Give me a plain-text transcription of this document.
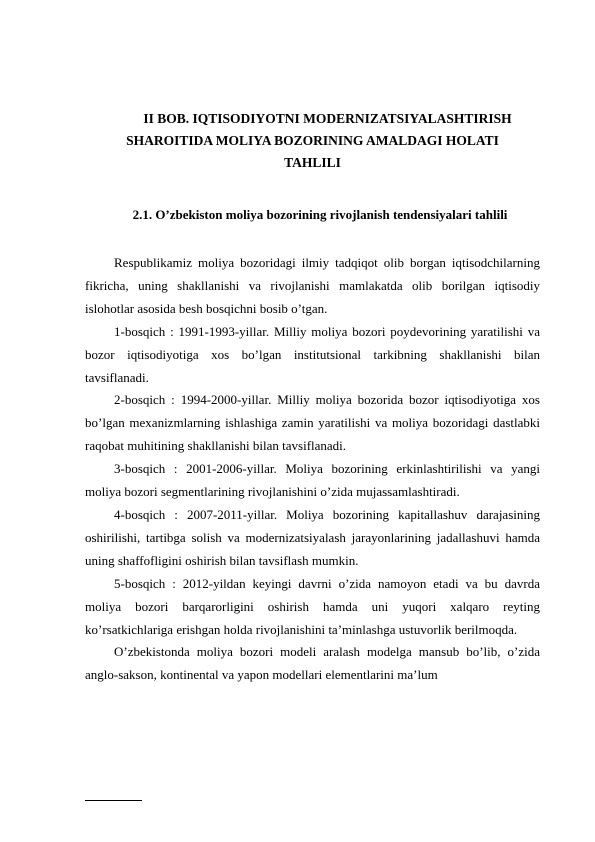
II BOB. IQTISODIYOTNI MODERNIZATSIYALASHTIRISH
SHAROITIDA MOLIYA BOZORINING AMALDAGI HOLATI
TAHLILI
2.1. O’zbekiston moliya bozorining rivojlanish tendensiyalari tahlili

Respublikamiz moliya bozoridagi ilmiy tadqiqot olib borgan iqtisodchilarning fikricha, uning shakllanishi va rivojlanishi mamlakatda olib borilgan iqtisodiy islohotlar asosida besh bosqichni bosib o’tgan.

1-bosqich : 1991-1993-yillar. Milliy moliya bozori poydevorining yaratilishi va bozor iqtisodiyotiga xos bo’lgan institutsional tarkibning shakllanishi bilan tavsiflanadi.

2-bosqich : 1994-2000-yillar. Milliy moliya bozorida bozor iqtisodiyotiga xos bo’lgan mexanizmlarning ishlashiga zamin yaratilishi va moliya bozoridagi dastlabki raqobat muhitining shakllanishi bilan tavsiflanadi.

3-bosqich : 2001-2006-yillar. Moliya bozorining erkinlashtirilishi va yangi moliya bozori segmentlarining rivojlanishini o’zida mujassamlashtiradi.

4-bosqich : 2007-2011-yillar. Moliya bozorining kapitallashuv darajasining oshirilishi, tartibga solish va modernizatsiyalash jarayonlarining jadallashuvi hamda uning shaffofligini oshirish bilan tavsiflash mumkin.

5-bosqich : 2012-yildan keyingi davrni o’zida namoyon etadi va bu davrda moliya bozori barqarorligini oshirish hamda uni yuqori xalqaro reyting ko’rsatkichlariga erishgan holda rivojlanishini ta’minlashga ustuvorlik berilmoqda.

O’zbekistonda moliya bozori modeli aralash modelga mansub bo’lib, o’zida anglo-sakson, kontinental va yapon modellari elementlarini ma’lum
